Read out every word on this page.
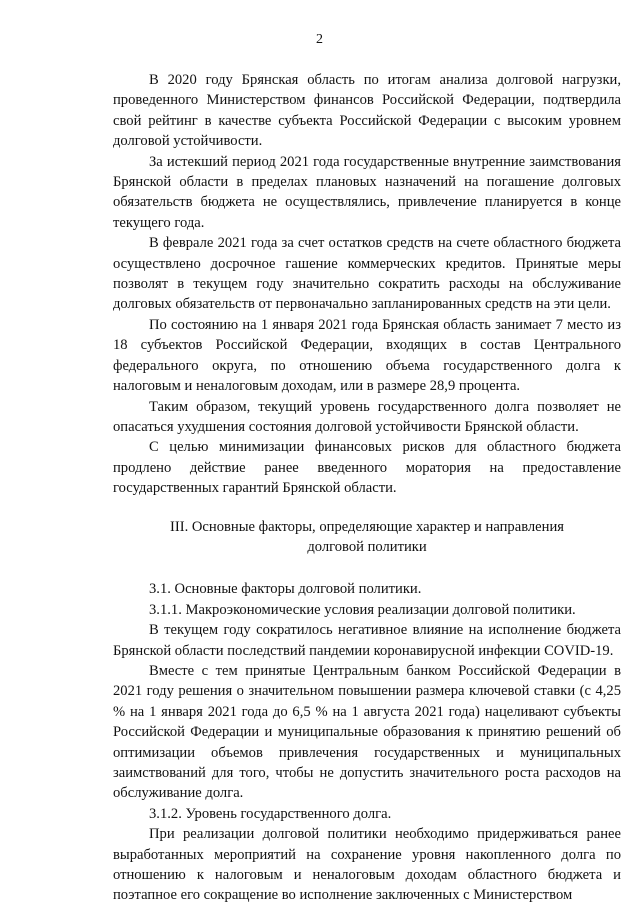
2

В 2020 году Брянская область по итогам анализа долговой нагрузки, проведенного Министерством финансов Российской Федерации, подтвердила свой рейтинг в качестве субъекта Российской Федерации с высоким уровнем долговой устойчивости.

За истекший период 2021 года государственные внутренние заимствования Брянской области в пределах плановых назначений на погашение долговых обязательств бюджета не осуществлялись, привлечение планируется в конце текущего года.

В феврале 2021 года за счет остатков средств на счете областного бюджета осуществлено досрочное гашение коммерческих кредитов. Принятые меры позволят в текущем году значительно сократить расходы на обслуживание долговых обязательств от первоначально запланированных средств на эти цели.

По состоянию на 1 января 2021 года Брянская область занимает 7 место из 18 субъектов Российской Федерации, входящих в состав Центрального федерального округа, по отношению объема государственного долга к налоговым и неналоговым доходам, или в размере 28,9 процента.

Таким образом, текущий уровень государственного долга позволяет не опасаться ухудшения состояния долговой устойчивости Брянской области.

С целью минимизации финансовых рисков для областного бюджета продлено действие ранее введенного моратория на предоставление государственных гарантий Брянской области.

III. Основные факторы, определяющие характер и направления

долговой политики

3.1. Основные факторы долговой политики.

3.1.1. Макроэкономические условия реализации долговой политики.

В текущем году сократилось негативное влияние на исполнение бюджета Брянской области последствий пандемии коронавирусной инфекции COVID-19.

Вместе с тем принятые Центральным банком Российской Федерации в 2021 году решения о значительном повышении размера ключевой ставки (с 4,25 % на 1 января 2021 года до 6,5 % на 1 августа 2021 года) нацеливают субъекты Российской Федерации и муниципальные образования к принятию решений об оптимизации объемов привлечения государственных и муниципальных заимствований для того, чтобы не допустить значительного роста расходов на обслуживание долга.

3.1.2. Уровень государственного долга.

При реализации долговой политики необходимо придерживаться ранее выработанных мероприятий на сохранение уровня накопленного долга по отношению к налоговым и неналоговым доходам областного бюджета и поэтапное его сокращение во исполнение заключенных с Министерством
